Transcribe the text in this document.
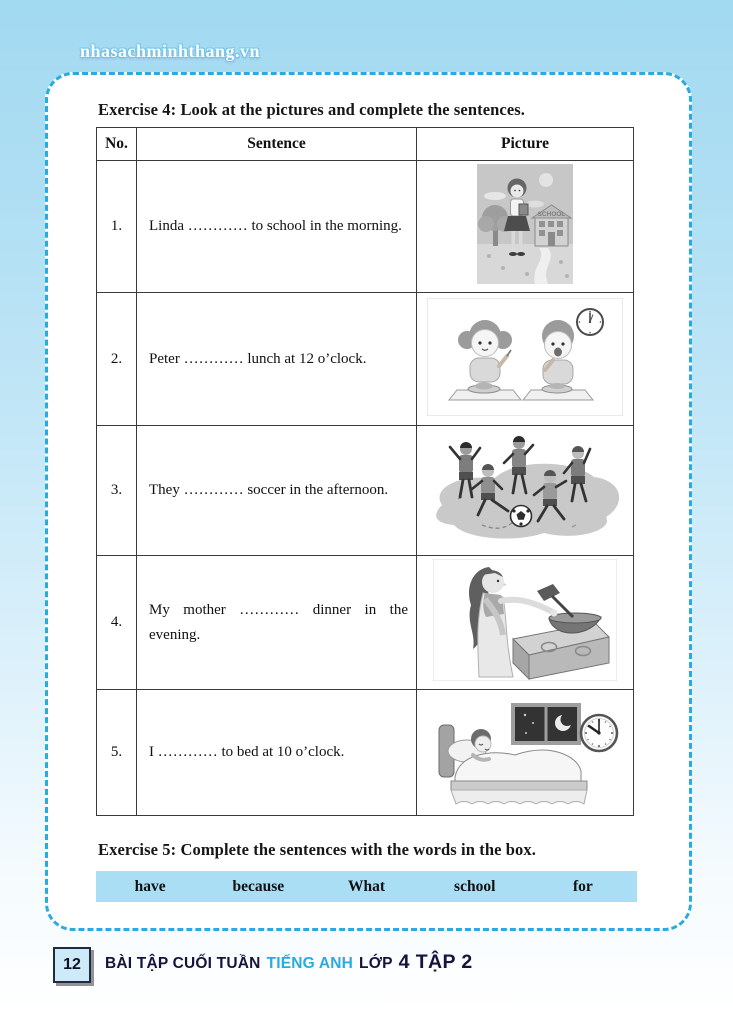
nhasachminhthang.vn
Exercise 4: Look at the pictures and complete the sentences.
No.	Sentence	Picture
1.	Linda ………… to school in the morning.	SCHOOL

2.	Peter ………… lunch at 12 o’clock.	
3.	They ………… soccer in the afternoon.	
4.	My mother ………… dinner in the evening.	
5.	I ………… to bed at 10 o’clock.	
Exercise 5: Complete the sentences with the words in the box.
have	because	What	school	for
12	BÀI TẬP CUỐI TUẦN TIẾNG ANH LỚP 4 TẬP 2
